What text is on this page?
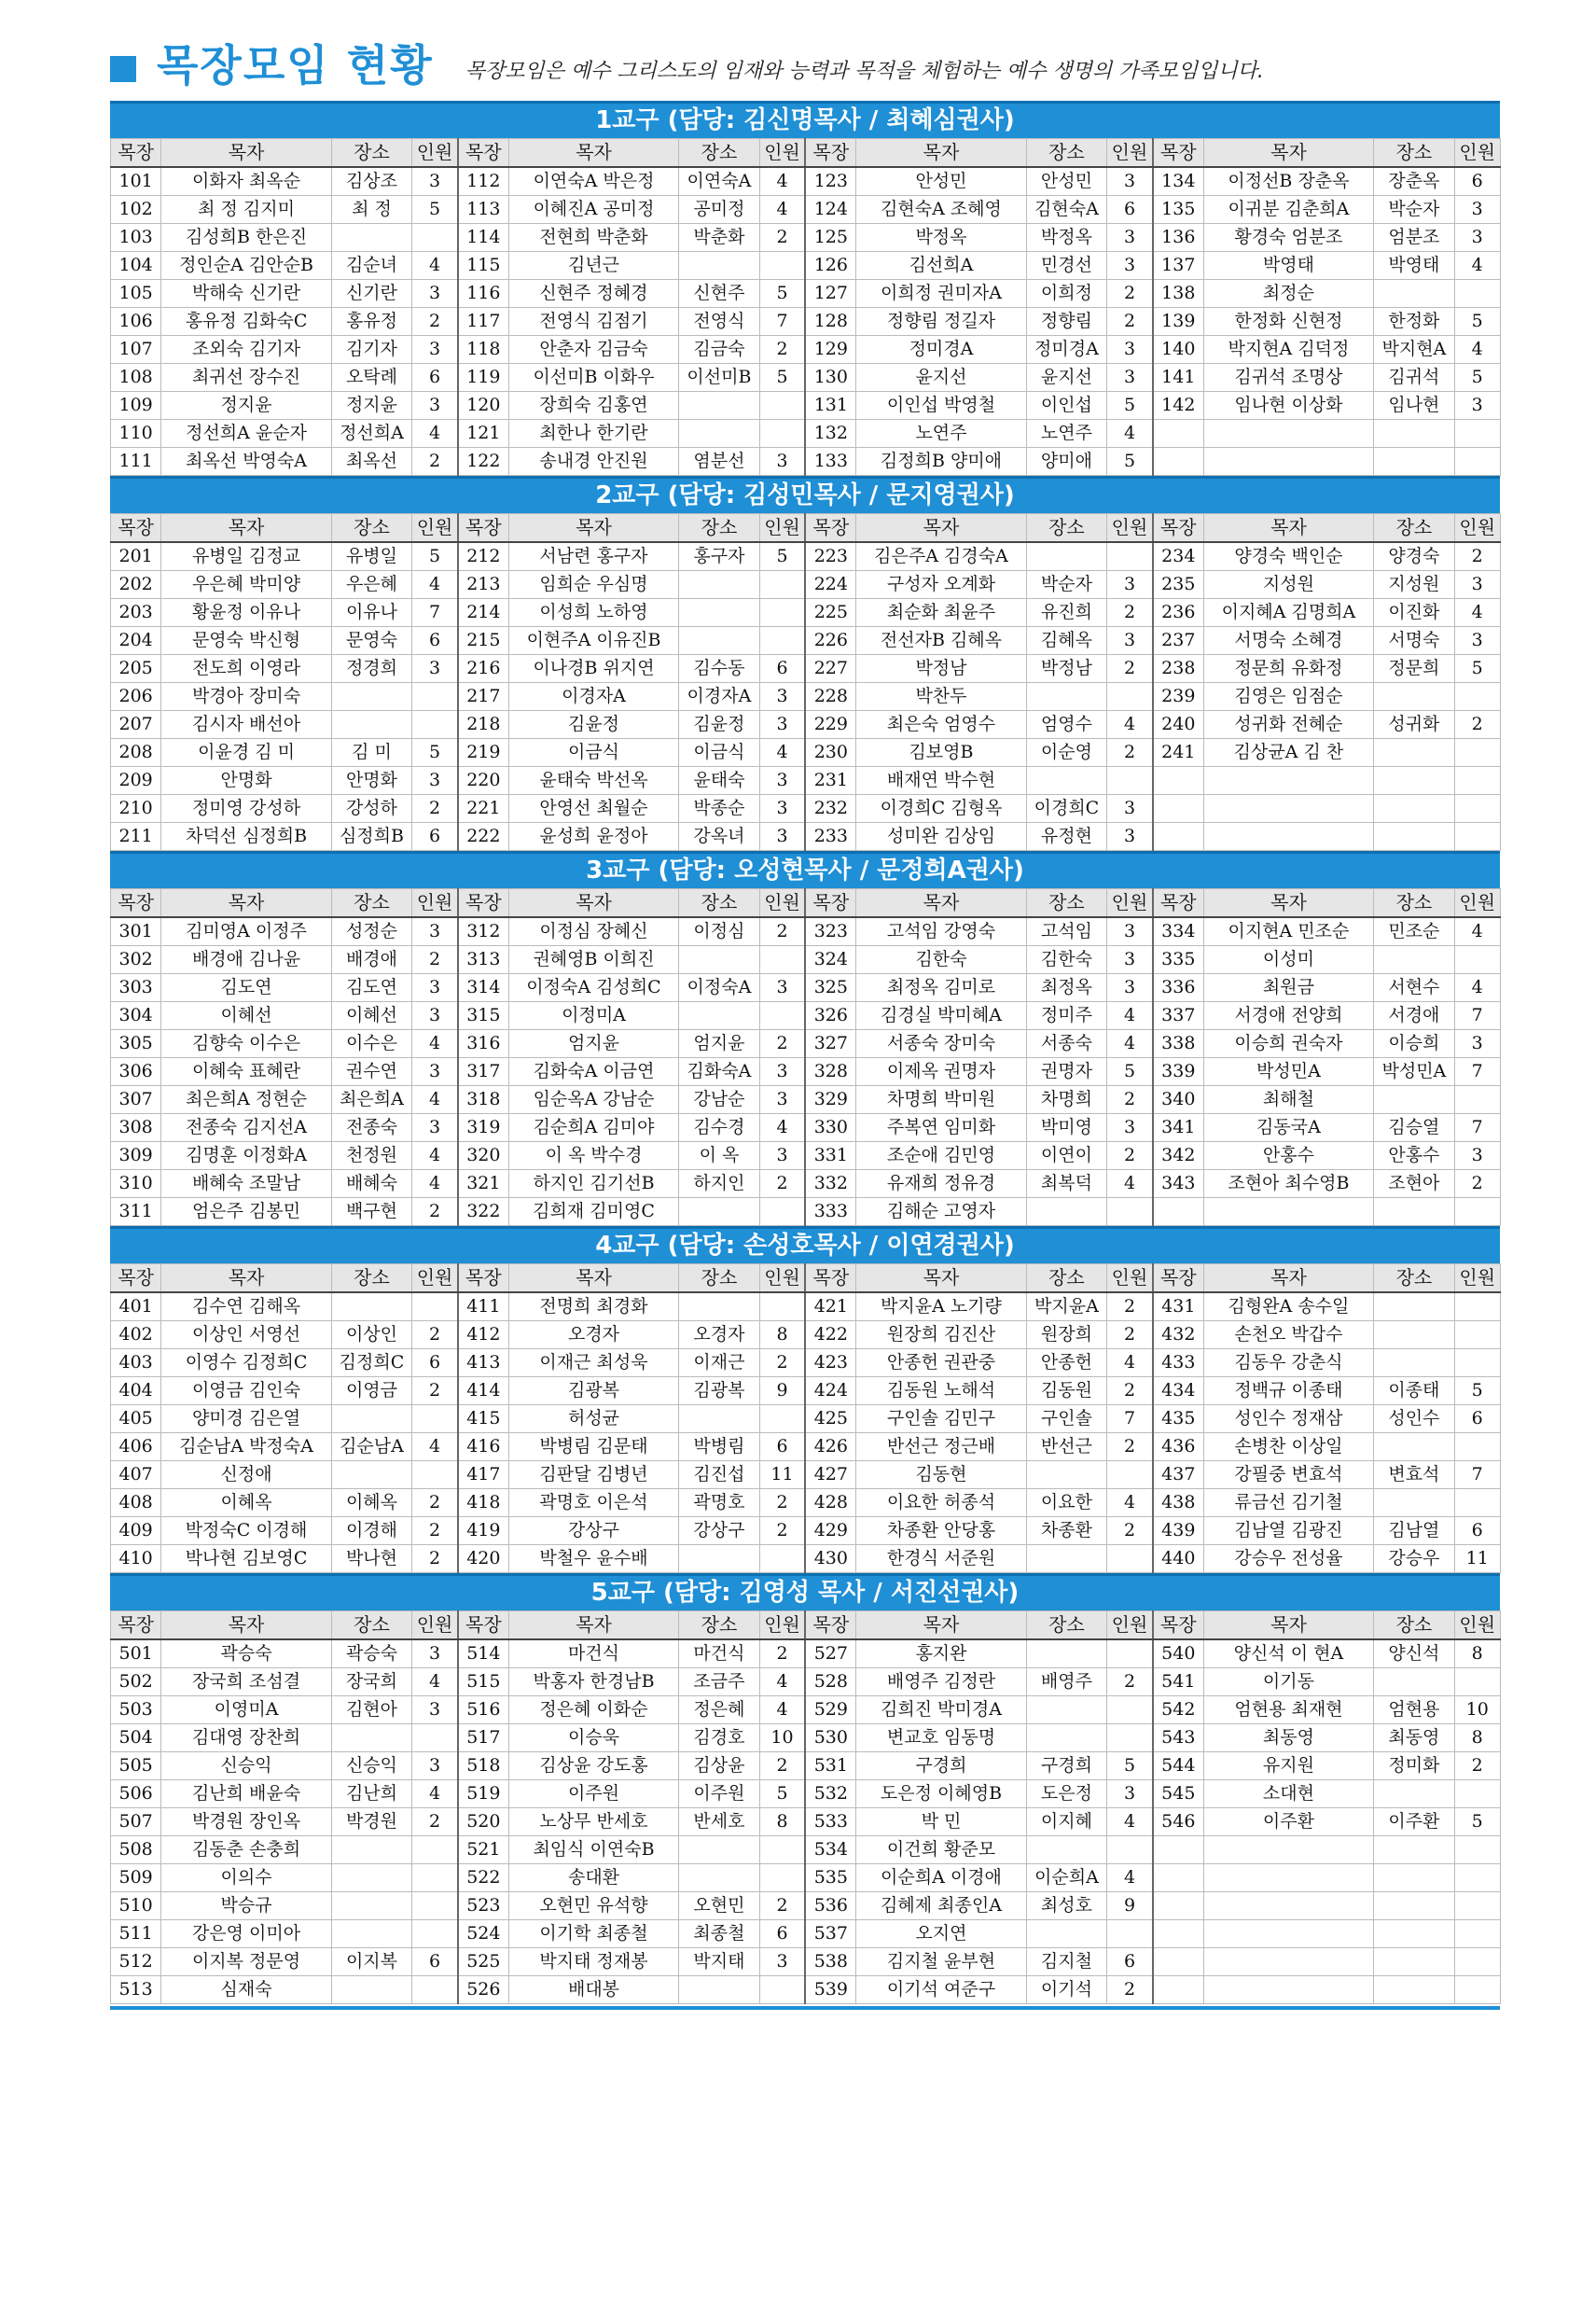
목장모임 현황 목장모임은 예수 그리스도의 임재와 능력과 목적을 체험하는 예수 생명의 가족모임입니다.
1교구 (담당: 김신명목사 / 최혜심권사)
목장	목자	장소	인원	목장	목자	장소	인원	목장	목자	장소	인원	목장	목자	장소	인원
101	이화자 최옥순	김상조	3	112	이연숙A 박은정	이연숙A	4	123	안성민	안성민	3	134	이정선B 장춘옥	장춘옥	6
102	최 정 김지미	최 정	5	113	이혜진A 공미정	공미정	4	124	김현숙A 조혜영	김현숙A	6	135	이귀분 김춘희A	박순자	3
103	김성희B 한은진			114	전현희 박춘화	박춘화	2	125	박정옥	박정옥	3	136	황경숙 엄분조	엄분조	3
104	정인순A 김안순B	김순녀	4	115	김년근			126	김선희A	민경선	3	137	박영태	박영태	4
105	박해숙 신기란	신기란	3	116	신현주 정혜경	신현주	5	127	이희정 권미자A	이희정	2	138	최정순		
106	홍유정 김화숙C	홍유정	2	117	전영식 김점기	전영식	7	128	정향림 정길자	정향림	2	139	한정화 신현정	한정화	5
107	조외숙 김기자	김기자	3	118	안춘자 김금숙	김금숙	2	129	정미경A	정미경A	3	140	박지현A 김덕정	박지현A	4
108	최귀선 장수진	오탁례	6	119	이선미B 이화우	이선미B	5	130	윤지선	윤지선	3	141	김귀석 조명상	김귀석	5
109	정지윤	정지윤	3	120	장희숙 김홍연			131	이인섭 박영철	이인섭	5	142	임나현 이상화	임나현	3
110	정선희A 윤순자	정선희A	4	121	최한나 한기란			132	노연주	노연주	4				
111	최옥선 박영숙A	최옥선	2	122	송내경 안진원	염분선	3	133	김정희B 양미애	양미애	5				
2교구 (담당: 김성민목사 / 문지영권사)
목장	목자	장소	인원	목장	목자	장소	인원	목장	목자	장소	인원	목장	목자	장소	인원
201	유병일 김정교	유병일	5	212	서남련 홍구자	홍구자	5	223	김은주A 김경숙A			234	양경숙 백인순	양경숙	2
202	우은혜 박미양	우은혜	4	213	임희순 우심명			224	구성자 오계화	박순자	3	235	지성원	지성원	3
203	황윤정 이유나	이유나	7	214	이성희 노하영			225	최순화 최윤주	유진희	2	236	이지혜A 김명희A	이진화	4
204	문영숙 박신형	문영숙	6	215	이현주A 이유진B			226	전선자B 김혜옥	김혜옥	3	237	서명숙 소혜경	서명숙	3
205	전도희 이영라	정경희	3	216	이나경B 위지연	김수동	6	227	박정남	박정남	2	238	정문희 유화정	정문희	5
206	박경아 장미숙			217	이경자A	이경자A	3	228	박찬두			239	김영은 임점순		
207	김시자 배선아			218	김윤정	김윤정	3	229	최은숙 엄영수	엄영수	4	240	성귀화 전혜순	성귀화	2
208	이윤경 김 미	김 미	5	219	이금식	이금식	4	230	김보영B	이순영	2	241	김상균A 김 찬		
209	안명화	안명화	3	220	윤태숙 박선옥	윤태숙	3	231	배재연 박수현						
210	정미영 강성하	강성하	2	221	안영선 최월순	박종순	3	232	이경희C 김형옥	이경희C	3				
211	차덕선 심정희B	심정희B	6	222	윤성희 윤정아	강옥녀	3	233	성미완 김상임	유정현	3				
3교구 (담당: 오성현목사 / 문정희A권사)
목장	목자	장소	인원	목장	목자	장소	인원	목장	목자	장소	인원	목장	목자	장소	인원
301	김미영A 이정주	성정순	3	312	이정심 장혜신	이정심	2	323	고석임 강영숙	고석임	3	334	이지현A 민조순	민조순	4
302	배경애 김나윤	배경애	2	313	권혜영B 이희진			324	김한숙	김한숙	3	335	이성미		
303	김도연	김도연	3	314	이정숙A 김성희C	이정숙A	3	325	최정옥 김미로	최정옥	3	336	최원금	서현수	4
304	이혜선	이혜선	3	315	이정미A			326	김경실 박미혜A	정미주	4	337	서경애 전양희	서경애	7
305	김향숙 이수은	이수은	4	316	엄지윤	엄지윤	2	327	서종숙 장미숙	서종숙	4	338	이승희 권숙자	이승희	3
306	이혜숙 표혜란	권수연	3	317	김화숙A 이금연	김화숙A	3	328	이제옥 권명자	권명자	5	339	박성민A	박성민A	7
307	최은희A 정현순	최은희A	4	318	임순옥A 강남순	강남순	3	329	차명희 박미원	차명희	2	340	최해철		
308	전종숙 김지선A	전종숙	3	319	김순희A 김미야	김수경	4	330	주복연 임미화	박미영	3	341	김동국A	김승열	7
309	김명훈 이정화A	천정원	4	320	이 옥 박수경	이 옥	3	331	조순애 김민영	이연이	2	342	안홍수	안홍수	3
310	배혜숙 조말남	배혜숙	4	321	하지인 김기선B	하지인	2	332	유재희 정유경	최복덕	4	343	조현아 최수영B	조현아	2
311	엄은주 김봉민	백구현	2	322	김희재 김미영C			333	김해순 고영자						
4교구 (담당: 손성호목사 / 이연경권사)
목장	목자	장소	인원	목장	목자	장소	인원	목장	목자	장소	인원	목장	목자	장소	인원
401	김수연 김해옥			411	전명희 최경화			421	박지윤A 노기량	박지윤A	2	431	김형완A 송수일		
402	이상인 서영선	이상인	2	412	오경자	오경자	8	422	원장희 김진산	원장희	2	432	손천오 박갑수		
403	이영수 김정희C	김정희C	6	413	이재근 최성욱	이재근	2	423	안종헌 권관중	안종헌	4	433	김동우 강춘식		
404	이영금 김인숙	이영금	2	414	김광복	김광복	9	424	김동원 노해석	김동원	2	434	정백규 이종태	이종태	5
405	양미경 김은열			415	허성균			425	구인솔 김민구	구인솔	7	435	성인수 정재삼	성인수	6
406	김순남A 박정숙A	김순남A	4	416	박병림 김문태	박병림	6	426	반선근 정근배	반선근	2	436	손병찬 이상일		
407	신정애			417	김판달 김병년	김진섭	11	427	김동현			437	강필중 변효석	변효석	7
408	이혜옥	이혜옥	2	418	곽명호 이은석	곽명호	2	428	이요한 허종석	이요한	4	438	류금선 김기철		
409	박정숙C 이경해	이경해	2	419	강상구	강상구	2	429	차종환 안당홍	차종환	2	439	김남열 김광진	김남열	6
410	박나현 김보영C	박나현	2	420	박철우 윤수배			430	한경식 서준원			440	강승우 전성율	강승우	11
5교구 (담당: 김영성 목사 / 서진선권사)
목장	목자	장소	인원	목장	목자	장소	인원	목장	목자	장소	인원	목장	목자	장소	인원
501	곽승숙	곽승숙	3	514	마건식	마건식	2	527	홍지완			540	양신석 이 현A	양신석	8
502	장국희 조섬결	장국희	4	515	박홍자 한경남B	조금주	4	528	배영주 김정란	배영주	2	541	이기동		
503	이영미A	김현아	3	516	정은혜 이화순	정은혜	4	529	김희진 박미경A			542	엄현용 최재현	엄현용	10
504	김대영 장찬희			517	이승욱	김경호	10	530	변교호 임동명			543	최동영	최동영	8
505	신승익	신승익	3	518	김상윤 강도홍	김상윤	2	531	구경희	구경희	5	544	유지원	정미화	2
506	김난희 배윤숙	김난희	4	519	이주원	이주원	5	532	도은정 이혜영B	도은정	3	545	소대현		
507	박경원 장인옥	박경원	2	520	노상무 반세호	반세호	8	533	박 민	이지혜	4	546	이주환	이주환	5
508	김동춘 손충희			521	최임식 이연숙B			534	이건희 황준모						
509	이의수			522	송대환			535	이순희A 이경애	이순희A	4				
510	박승규			523	오현민 유석향	오현민	2	536	김혜제 최종인A	최성호	9				
511	강은영 이미아			524	이기학 최종철	최종철	6	537	오지연						
512	이지복 정문영	이지복	6	525	박지태 정재봉	박지태	3	538	김지철 윤부현	김지철	6				
513	심재숙			526	배대봉			539	이기석 여준구	이기석	2				
